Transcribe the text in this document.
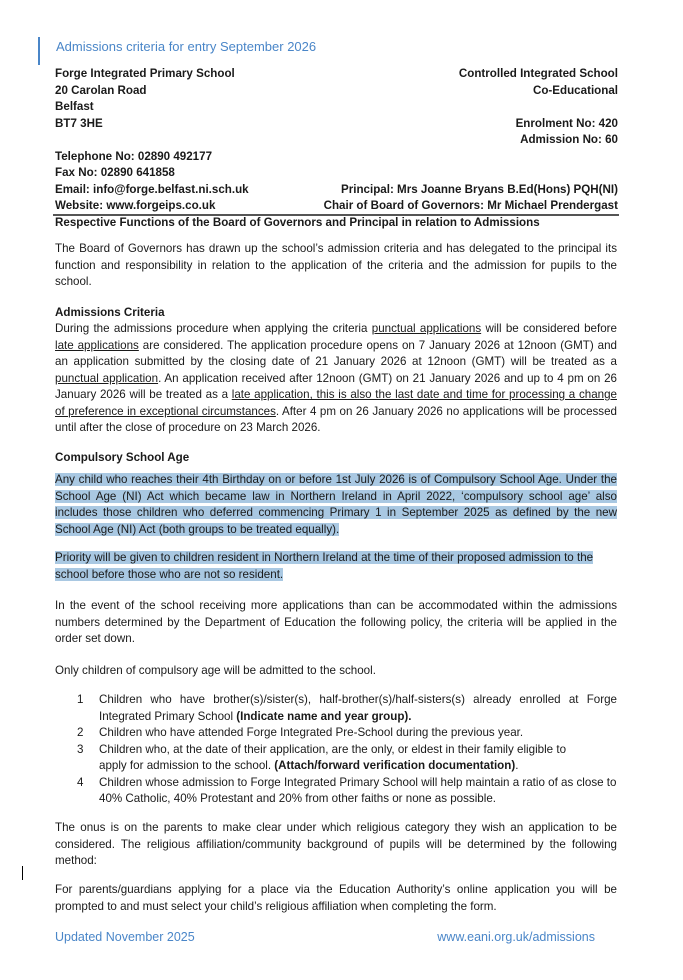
Admissions criteria for entry September 2026
Forge Integrated Primary School	Controlled Integrated School
20 Carolan Road	Co-Educational
Belfast
BT7 3HE	Enrolment No: 420
Admission No: 60
Telephone No: 02890 492177
Fax No: 02890 641858
Email: info@forge.belfast.ni.sch.uk	Principal: Mrs Joanne Bryans B.Ed(Hons) PQH(NI)
Website: www.forgeips.co.uk	Chair of Board of Governors: Mr Michael Prendergast
Respective Functions of the Board of Governors and Principal in relation to Admissions
The Board of Governors has drawn up the school’s admission criteria and has delegated to the principal its function and responsibility in relation to the application of the criteria and the admission for pupils to the school.
Admissions Criteria
During the admissions procedure when applying the criteria punctual applications will be considered before late applications are considered. The application procedure opens on 7 January 2026 at 12noon (GMT) and an application submitted by the closing date of 21 January 2026 at 12noon (GMT) will be treated as a punctual application. An application received after 12noon (GMT) on 21 January 2026 and up to 4 pm on 26 January 2026 will be treated as a late application, this is also the last date and time for processing a change of preference in exceptional circumstances. After 4 pm on 26 January 2026 no applications will be processed until after the close of procedure on 23 March 2026.
Compulsory School Age
Any child who reaches their 4th Birthday on or before 1st July 2026 is of Compulsory School Age. Under the School Age (NI) Act which became law in Northern Ireland in April 2022, ‘compulsory school age’ also includes those children who deferred commencing Primary 1 in September 2025 as defined by the new School Age (NI) Act (both groups to be treated equally).
Priority will be given to children resident in Northern Ireland at the time of their proposed admission to the school before those who are not so resident.
In the event of the school receiving more applications than can be accommodated within the admissions numbers determined by the Department of Education the following policy, the criteria will be applied in the order set down.
Only children of compulsory age will be admitted to the school.
1	Children who have brother(s)/sister(s), half-brother(s)/half-sisters(s) already enrolled at Forge Integrated Primary School (Indicate name and year group).
2	Children who have attended Forge Integrated Pre-School during the previous year.
3	Children who, at the date of their application, are the only, or eldest in their family eligible to apply for admission to the school. (Attach/forward verification documentation).
4	Children whose admission to Forge Integrated Primary School will help maintain a ratio of as close to 40% Catholic, 40% Protestant and 20% from other faiths or none as possible.
The onus is on the parents to make clear under which religious category they wish an application to be considered. The religious affiliation/community background of pupils will be determined by the following method:
For parents/guardians applying for a place via the Education Authority’s online application you will be prompted to and must select your child’s religious affiliation when completing the form.
Updated November 2025	www.eani.org.uk/admissions
